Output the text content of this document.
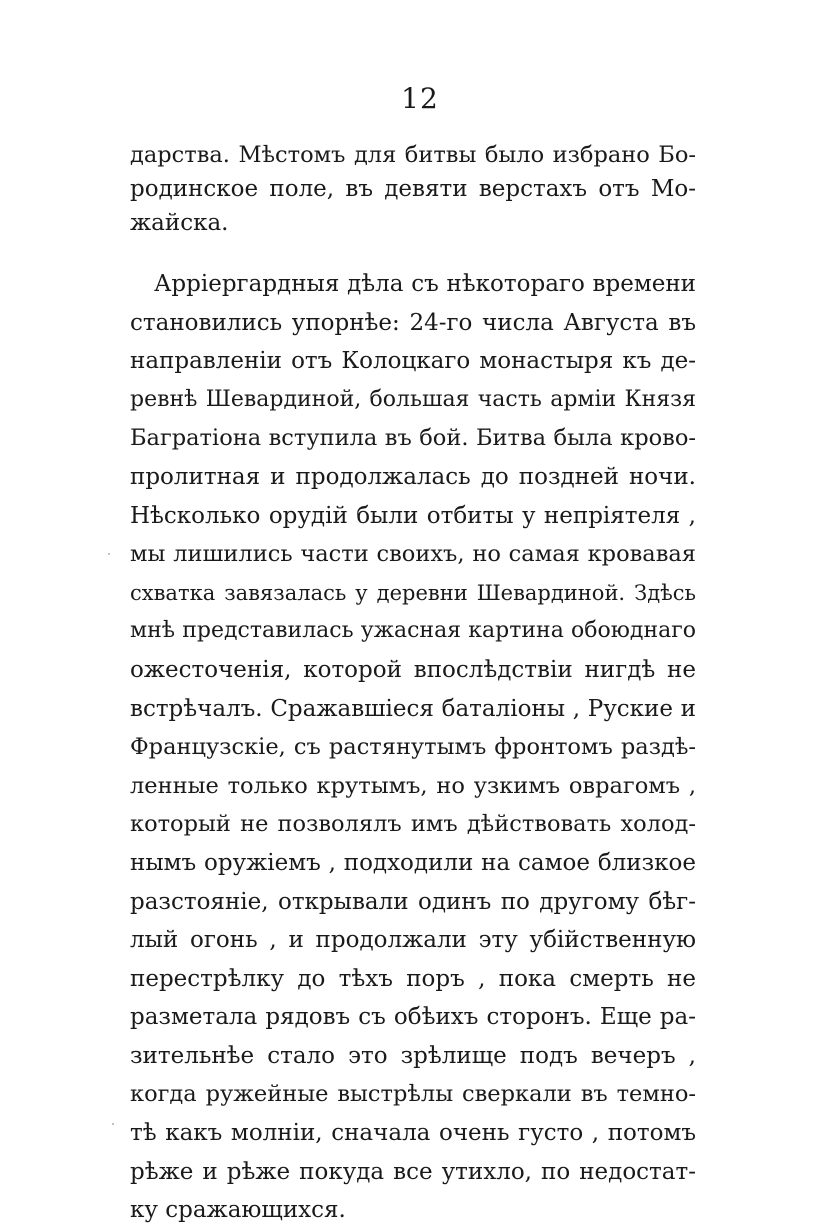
12
дарства. Мѣстомъ для битвы было избрано Бо-
родинское поле, въ девяти верстахъ отъ Мо-
жайска.
Арріергардныя дѣла съ нѣкотораго времени
становились упорнѣе: 24-го числа Августа въ
направленіи отъ Колоцкаго монастыря къ де-
ревнѣ Шевардиной, большая часть арміи Князя
Багратіона вступила въ бой. Битва была крово-
пролитная и продолжалась до поздней ночи.
Нѣсколько орудій были отбиты у непріятеля ,
мы лишились части своихъ, но самая кровавая
схватка завязалась у деревни Шевардиной. Здѣсь
мнѣ представилась ужасная картина обоюднаго
ожесточенія, которой впослѣдствіи нигдѣ не
встрѣчалъ. Сражавшіеся баталіоны , Руские и
Французскіе, съ растянутымъ фронтомъ раздѣ-
ленные только крутымъ, но узкимъ оврагомъ ,
который не позволялъ имъ дѣйствовать холод-
нымъ оружіемъ , подходили на самое близкое
разстояніе, открывали одинъ по другому бѣг-
лый огонь , и продолжали эту убійственную
перестрѣлку до тѣхъ поръ , пока смерть не
разметала рядовъ съ обѣихъ сторонъ. Еще ра-
зительнѣе стало это зрѣлище подъ вечеръ ,
когда ружейные выстрѣлы сверкали въ темно-
тѣ какъ молніи, сначала очень густо , потомъ
рѣже и рѣже покуда все утихло, по недостат-
ку сражающихся.
